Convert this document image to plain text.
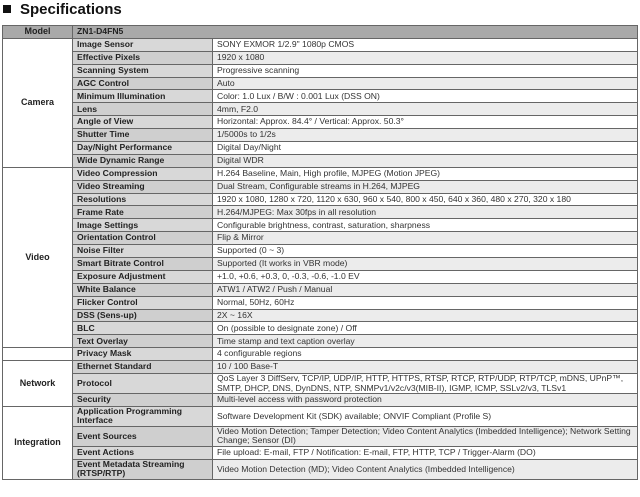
Specifications
Model	ZN1-D4FN5	
Camera	Image Sensor	SONY EXMOR 1/2.9" 1080p CMOS
	Effective Pixels	1920 x 1080
	Scanning System	Progressive scanning
	AGC Control	Auto
	Minimum Illumination	Color: 1.0 Lux / B/W : 0.001 Lux (DSS ON)
	Lens	4mm, F2.0
	Angle of View	Horizontal: Approx. 84.4° / Vertical: Approx. 50.3°
	Shutter Time	1/5000s to 1/2s
	Day/Night Performance	Digital Day/Night
	Wide Dynamic Range	Digital WDR
Video	Video Compression	H.264 Baseline, Main, High profile, MJPEG (Motion JPEG)
	Video Streaming	Dual Stream, Configurable streams in H.264, MJPEG
	Resolutions	1920 x 1080, 1280 x 720, 1120 x 630, 960 x 540, 800 x 450, 640 x 360, 480 x 270, 320 x 180
	Frame Rate	H.264/MJPEG: Max 30fps in all resolution
	Image Settings	Configurable brightness, contrast, saturation, sharpness
	Orientation Control	Flip & Mirror
	Noise Filter	Supported (0 ~ 3)
	Smart Bitrate Control	Supported (It works in VBR mode)
	Exposure Adjustment	+1.0, +0.6, +0.3, 0, -0.3, -0.6, -1.0 EV
	White Balance	ATW1 / ATW2 / Push / Manual
	Flicker Control	Normal, 50Hz, 60Hz
	DSS (Sens-up)	2X ~ 16X
	BLC	On (possible to designate zone) / Off
	Text Overlay	Time stamp and text caption overlay
	Privacy Mask	4 configurable regions
Network	Ethernet Standard	10 / 100 Base-T
	Protocol	QoS Layer 3 DiffServ, TCP/IP, UDP/IP, HTTP, HTTPS, RTSP, RTCP, RTP/UDP, RTP/TCP, mDNS, UPnP™, SMTP, DHCP, DNS, DynDNS, NTP, SNMPv1/v2c/v3(MIB-II), IGMP, ICMP, SSLv2/v3, TLSv1
	Security	Multi-level access with password protection
Integration	Application Programming Interface	Software Development Kit (SDK) available; ONVIF Compliant (Profile S)
	Event Sources	Video Motion Detection; Tamper Detection; Video Content Analytics (Imbedded Intelligence); Network Setting Change; Sensor (DI)
	Event Actions	File upload: E-mail, FTP / Notification: E-mail, FTP, HTTP, TCP / Trigger-Alarm (DO)
	Event Metadata Streaming (RTSP/RTP)	Video Motion Detection (MD); Video Content Analytics (Imbedded Intelligence)
